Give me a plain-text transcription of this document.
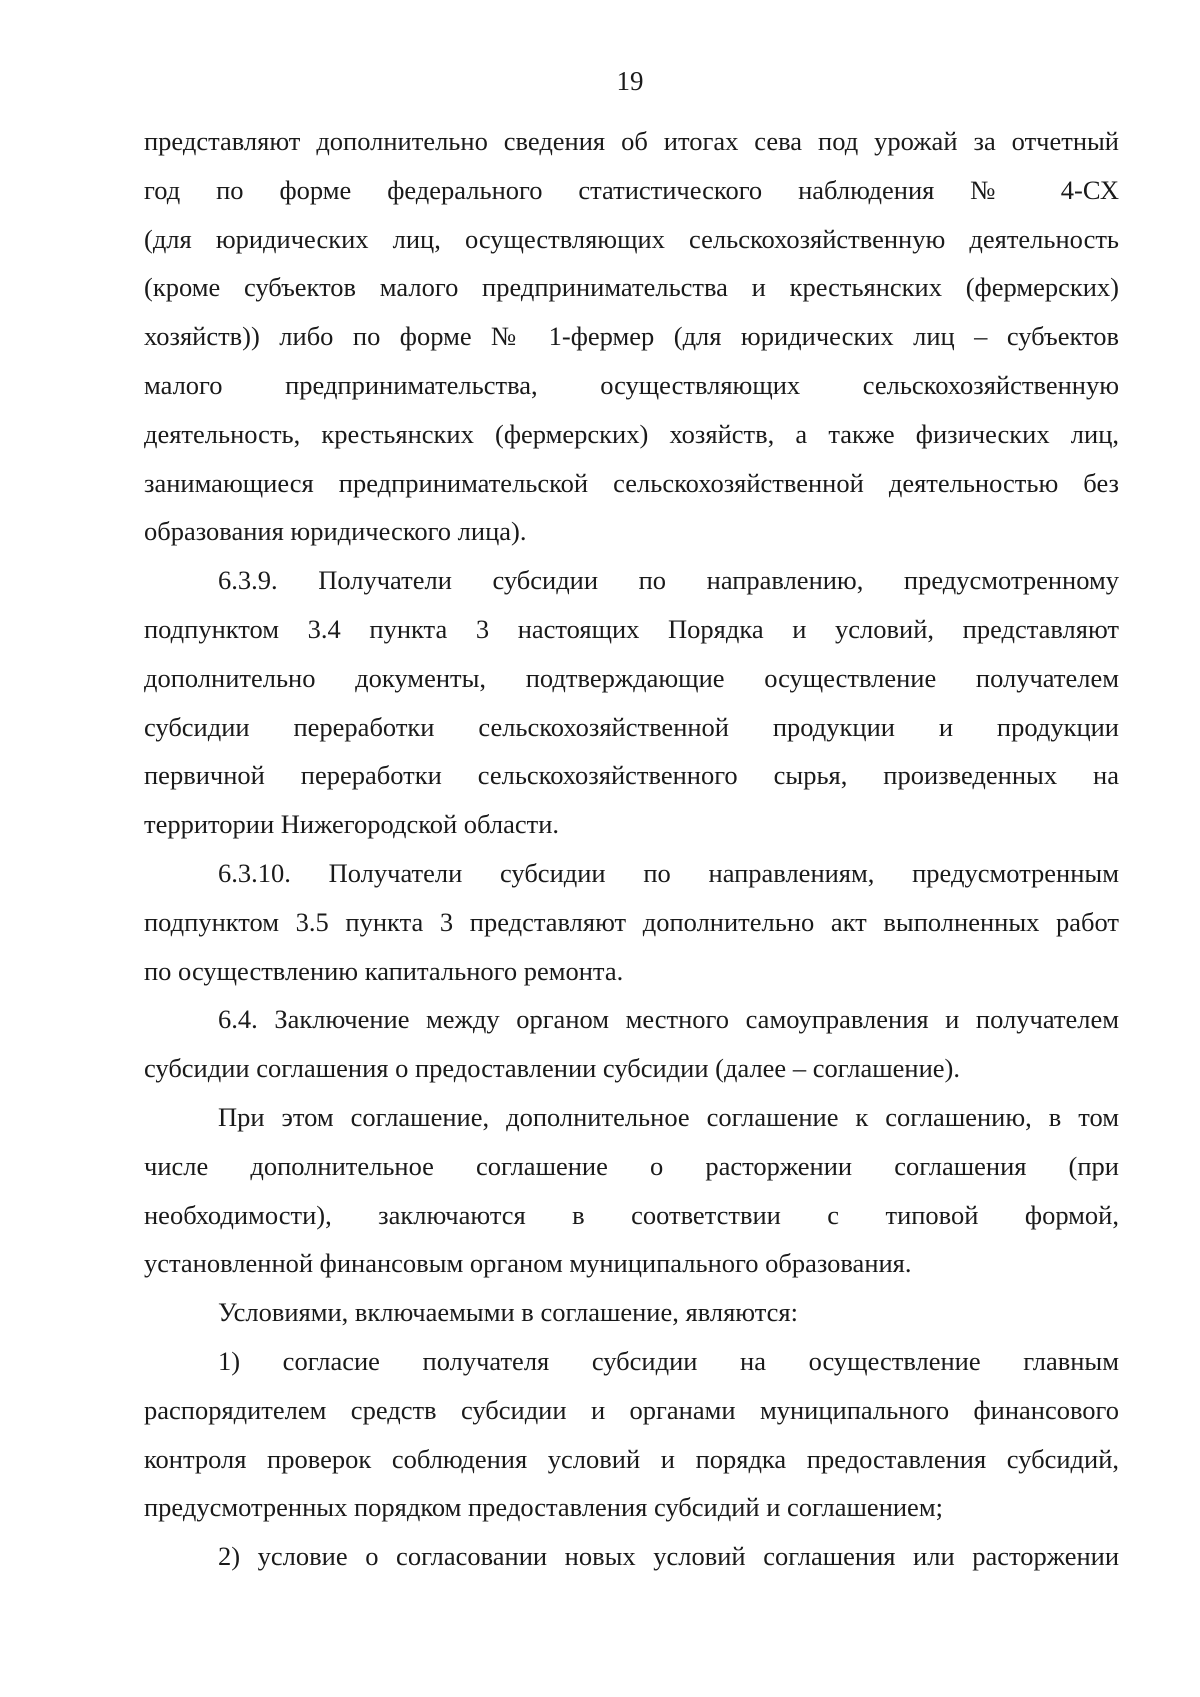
19
представляют дополнительно сведения об итогах сева под урожай за отчетный
год по форме федерального статистического наблюдения № 4-СХ
(для юридических лиц, осуществляющих сельскохозяйственную деятельность
(кроме субъектов малого предпринимательства и крестьянских (фермерских)
хозяйств)) либо по форме № 1-фермер (для юридических лиц – субъектов
малого предпринимательства, осуществляющих сельскохозяйственную
деятельность, крестьянских (фермерских) хозяйств, а также физических лиц,
занимающиеся предпринимательской сельскохозяйственной деятельностью без
образования юридического лица).
6.3.9. Получатели субсидии по направлению, предусмотренному
подпунктом 3.4 пункта 3 настоящих Порядка и условий, представляют
дополнительно документы, подтверждающие осуществление получателем
субсидии переработки сельскохозяйственной продукции и продукции
первичной переработки сельскохозяйственного сырья, произведенных на
территории Нижегородской области.
6.3.10. Получатели субсидии по направлениям, предусмотренным
подпунктом 3.5 пункта 3 представляют дополнительно акт выполненных работ
по осуществлению капитального ремонта.
6.4. Заключение между органом местного самоуправления и получателем
субсидии соглашения о предоставлении субсидии (далее – соглашение).
При этом соглашение, дополнительное соглашение к соглашению, в том
числе дополнительное соглашение о расторжении соглашения (при
необходимости), заключаются в соответствии с типовой формой,
установленной финансовым органом муниципального образования.
Условиями, включаемыми в соглашение, являются:
1) согласие получателя субсидии на осуществление главным
распорядителем средств субсидии и органами муниципального финансового
контроля проверок соблюдения условий и порядка предоставления субсидий,
предусмотренных порядком предоставления субсидий и соглашением;
2) условие о согласовании новых условий соглашения или расторжении
